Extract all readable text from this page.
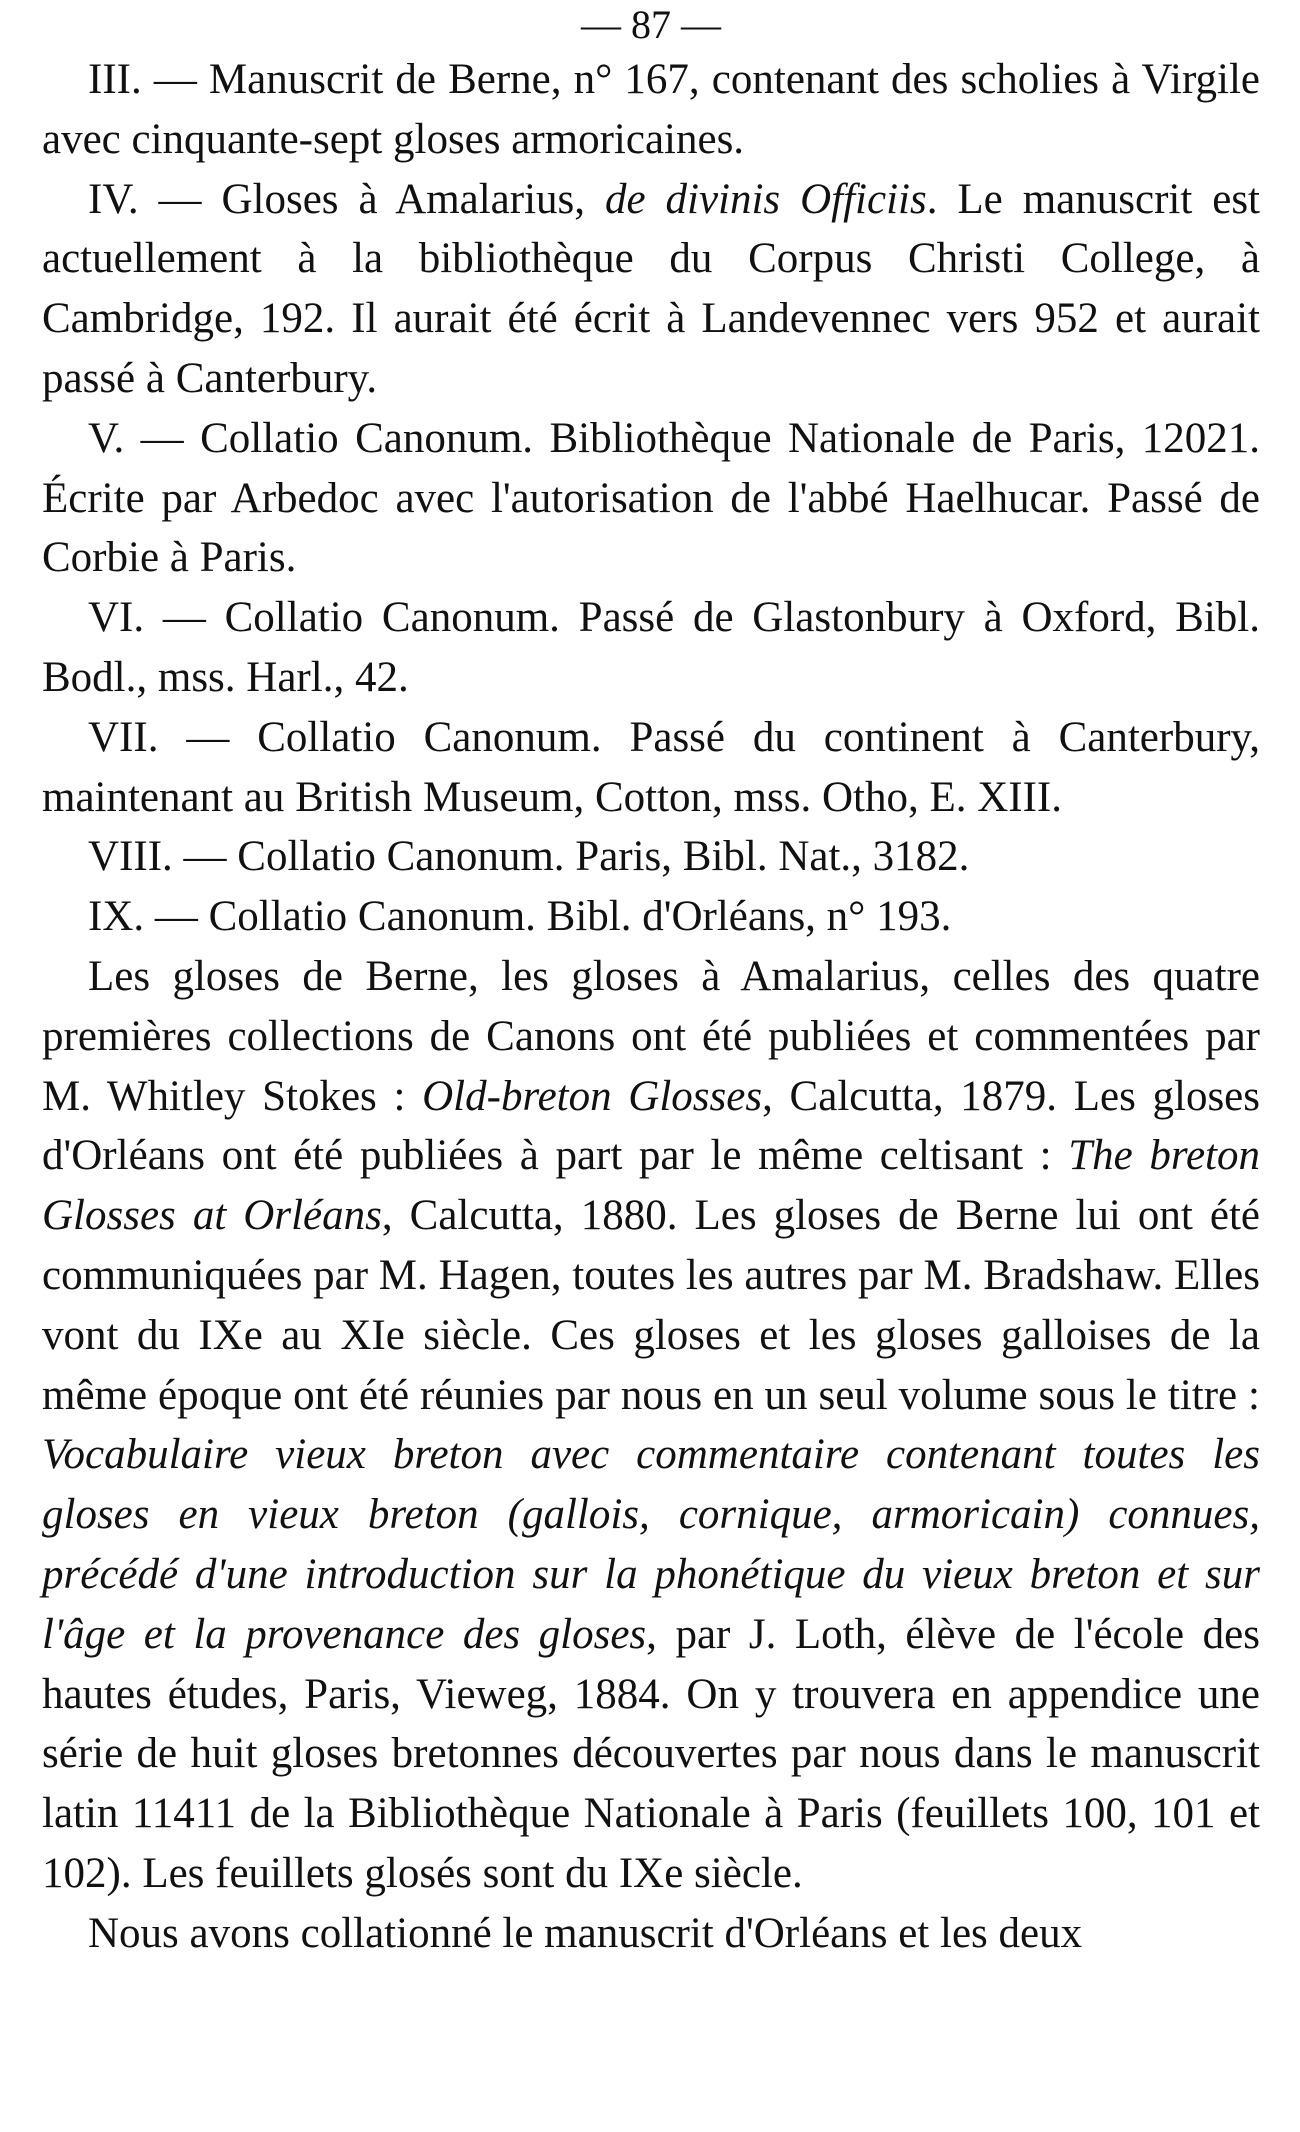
— 87 —

III. — Manuscrit de Berne, n° 167, contenant des scholies à Virgile avec cinquante-sept gloses armoricaines.

IV. — Gloses à Amalarius, de divinis Officiis. Le manuscrit est actuellement à la bibliothèque du Corpus Christi College, à Cambridge, 192. Il aurait été écrit à Landevennec vers 952 et aurait passé à Canterbury.

V. — Collatio Canonum. Bibliothèque Nationale de Paris, 12021. Écrite par Arbedoc avec l'autorisation de l'abbé Haelhucar. Passé de Corbie à Paris.

VI. — Collatio Canonum. Passé de Glastonbury à Oxford, Bibl. Bodl., mss. Harl., 42.

VII. — Collatio Canonum. Passé du continent à Canterbury, maintenant au British Museum, Cotton, mss. Otho, E. XIII.

VIII. — Collatio Canonum. Paris, Bibl. Nat., 3182.

IX. — Collatio Canonum. Bibl. d'Orléans, n° 193.

Les gloses de Berne, les gloses à Amalarius, celles des quatre premières collections de Canons ont été publiées et commentées par M. Whitley Stokes : Old-breton Glosses, Calcutta, 1879. Les gloses d'Orléans ont été publiées à part par le même celtisant : The breton Glosses at Orléans, Calcutta, 1880. Les gloses de Berne lui ont été communiquées par M. Hagen, toutes les autres par M. Bradshaw. Elles vont du IXe au XIe siècle. Ces gloses et les gloses galloises de la même époque ont été réunies par nous en un seul volume sous le titre : Vocabulaire vieux breton avec commentaire contenant toutes les gloses en vieux breton (gallois, cornique, armoricain) connues, précédé d'une introduction sur la phonétique du vieux breton et sur l'âge et la provenance des gloses, par J. Loth, élève de l'école des hautes études, Paris, Vieweg, 1884. On y trouvera en appendice une série de huit gloses bretonnes découvertes par nous dans le manuscrit latin 11411 de la Bibliothèque Nationale à Paris (feuillets 100, 101 et 102). Les feuillets glosés sont du IXe siècle.

Nous avons collationné le manuscrit d'Orléans et les deux
